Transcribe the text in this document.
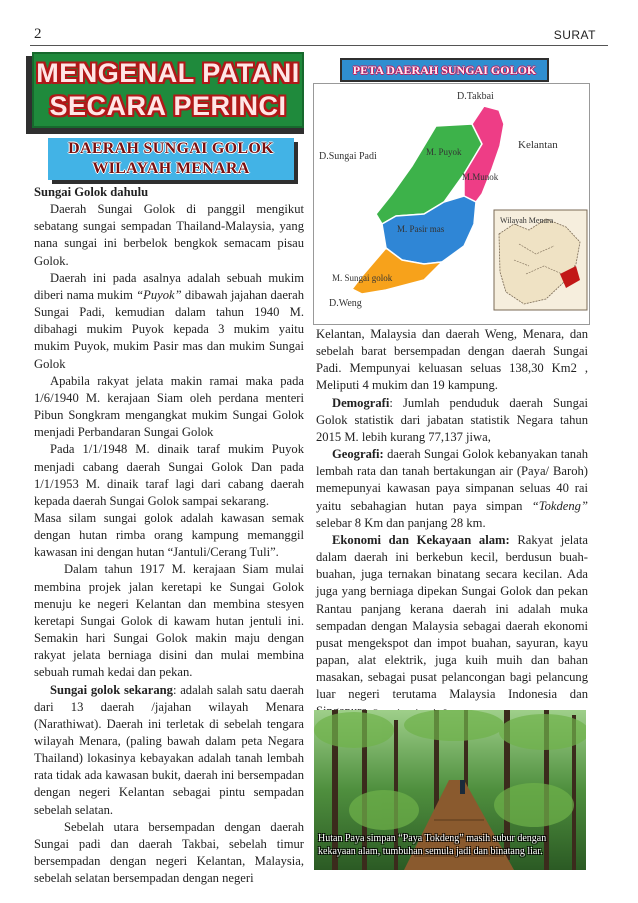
2	SURAT
MENGENAL PATANI
SECARA PERINCI
DAERAH SUNGAI GOLOK
WILAYAH MENARA

Sungai Golok dahulu

Daerah Sungai Golok di panggil mengikut sebatang sungai sempadan Thailand-Malaysia, yang nana sungai ini berbelok bengkok semacam pisau Golok.

Daerah ini pada asalnya adalah sebuah mukim diberi nama mukim “Puyok” dibawah jajahan daerah Sungai Padi, kemudian dalam tahun 1940 M. dibahagi mukim Puyok kepada 3 mukim yaitu mukim Puyok, mukim Pasir mas dan mukim Sungai Golok

Apabila rakyat jelata makin ramai maka pada 1/6/1940 M. kerajaan Siam oleh perdana menteri Pibun Songkram mengangkat mukim Sungai Golok menjadi Perbandaran Sungai Golok

Pada 1/1/1948 M. dinaik taraf mukim Puyok menjadi cabang daerah Sungai Golok Dan pada 1/1/1953 M. dinaik taraf lagi dari cabang daerah kepada daerah Sungai Golok sampai sekarang.

Masa silam sungai golok adalah kawasan semak dengan hutan rimba orang kampung memanggil kawasan ini dengan hutan “Jantuli/Cerang Tuli”.

Dalam tahun 1917 M. kerajaan Siam mulai membina projek jalan keretapi ke Sungai Golok menuju ke negeri Kelantan dan membina stesyen keretapi Sungai Golok di kawam hutan jentuli ini. Semakin hari Sungai Golok makin maju dengan rakyat jelata berniaga disini dan mulai membina sebuah rumah kedai dan pekan.

Sungai golok sekarang: adalah salah satu daerah dari 13 daerah /jajahan wilayah Menara (Narathiwat). Daerah ini terletak di sebelah tengara wilayah Menara, (paling bawah dalam peta Negara Thailand) lokasinya kebayakan adalah tanah lembah rata tidak ada kawasan bukit, daerah ini bersempadan dengan negeri Kelantan sebagai pintu sempadan sebelah selatan.

Sebelah utara bersempadan dengan daerah Sungai padi dan daerah Takbai, sebelah timur bersempadan dengan negeri Kelantan, Malaysia, sebelah selatan bersempadan dengan negeri

D.Takbai
Kelantan
D.Sungai Padi	M. Puyok
M.Munok
Wilayah Menara
M. Pasir mas
M. Sungai golok
D.Weng
PETA DAERAH SUNGAI GOLOK

Kelantan, Malaysia dan daerah Weng, Menara, dan sebelah barat bersempadan dengan daerah Sungai Padi. Mempunyai keluasan seluas 138,30 Km2 , Meliputi 4 mukim dan 19 kampung.

Demografi: Jumlah penduduk daerah Sungai Golok statistik dari jabatan statistik Negara tahun 2015 M. lebih kurang 77,137 jiwa,

Geografi: daerah Sungai Golok kebanyakan tanah lembah rata dan tanah bertakungan air (Paya/ Baroh) memepunyai kawasan paya simpanan seluas 40 rai yaitu sebahagian hutan paya simpan “Tokdeng” selebar 8 Km dan panjang 28 km.

Ekonomi dan Kekayaan alam: Rakyat jelata dalam daerah ini berkebun kecil, berdusun buah-buahan, juga ternakan binatang secara kecilan. Ada juga yang berniaga dipekan Sungai Golok dan pekan Rantau panjang kerana daerah ini adalah muka sempadan dengan Malaysia sebagai daerah ekonomi pusat mengekspot dan impot buahan, sayuran, kayu papan, alat elektrik, juga kuih muih dan bahan masakan, sebagai pusat pelancongan bagi pelancung luar negeri terutama Malaysia Indonesia dan

Hutan Paya simpan “Paya Tokdeng” masih subur dengan kekayaan alam, tumbuhan semula jadi dan binatang liar.
